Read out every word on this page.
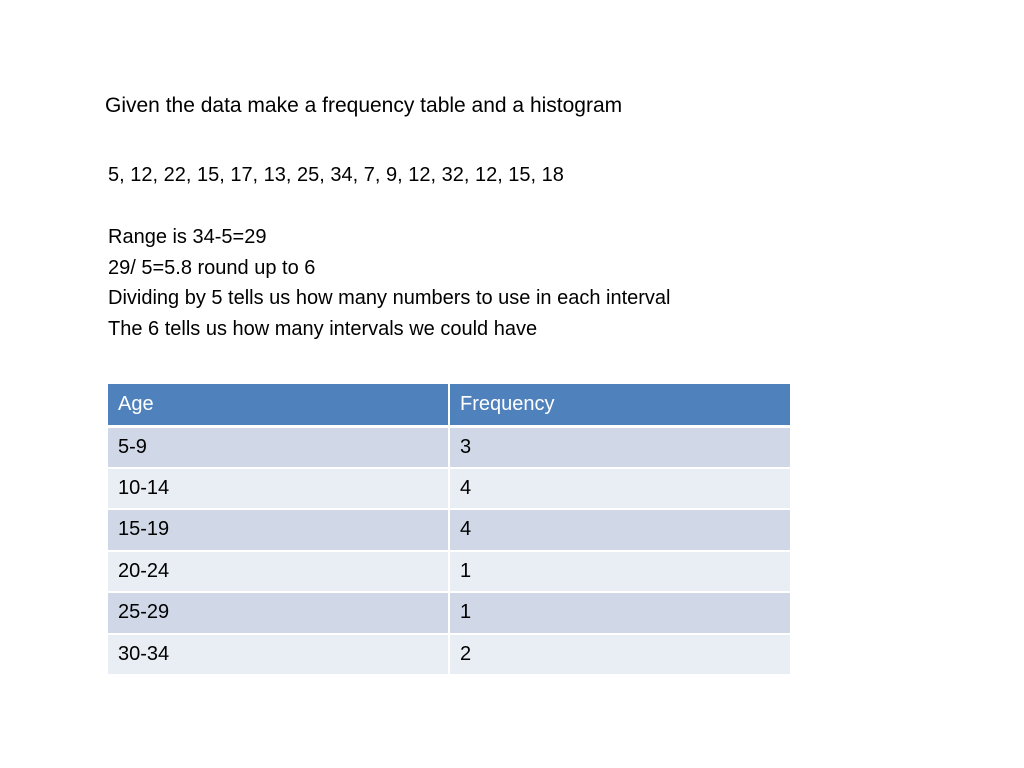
Given the data make a frequency table and a histogram
5, 12, 22, 15, 17, 13, 25, 34, 7, 9, 12, 32, 12, 15, 18
Range is 34-5=29
29/ 5=5.8 round up to 6
Dividing by 5 tells us how many numbers to use in each interval
The 6 tells us how many intervals we could have
Age	Frequency
5-9	3
10-14	4
15-19	4
20-24	1
25-29	1
30-34	2
